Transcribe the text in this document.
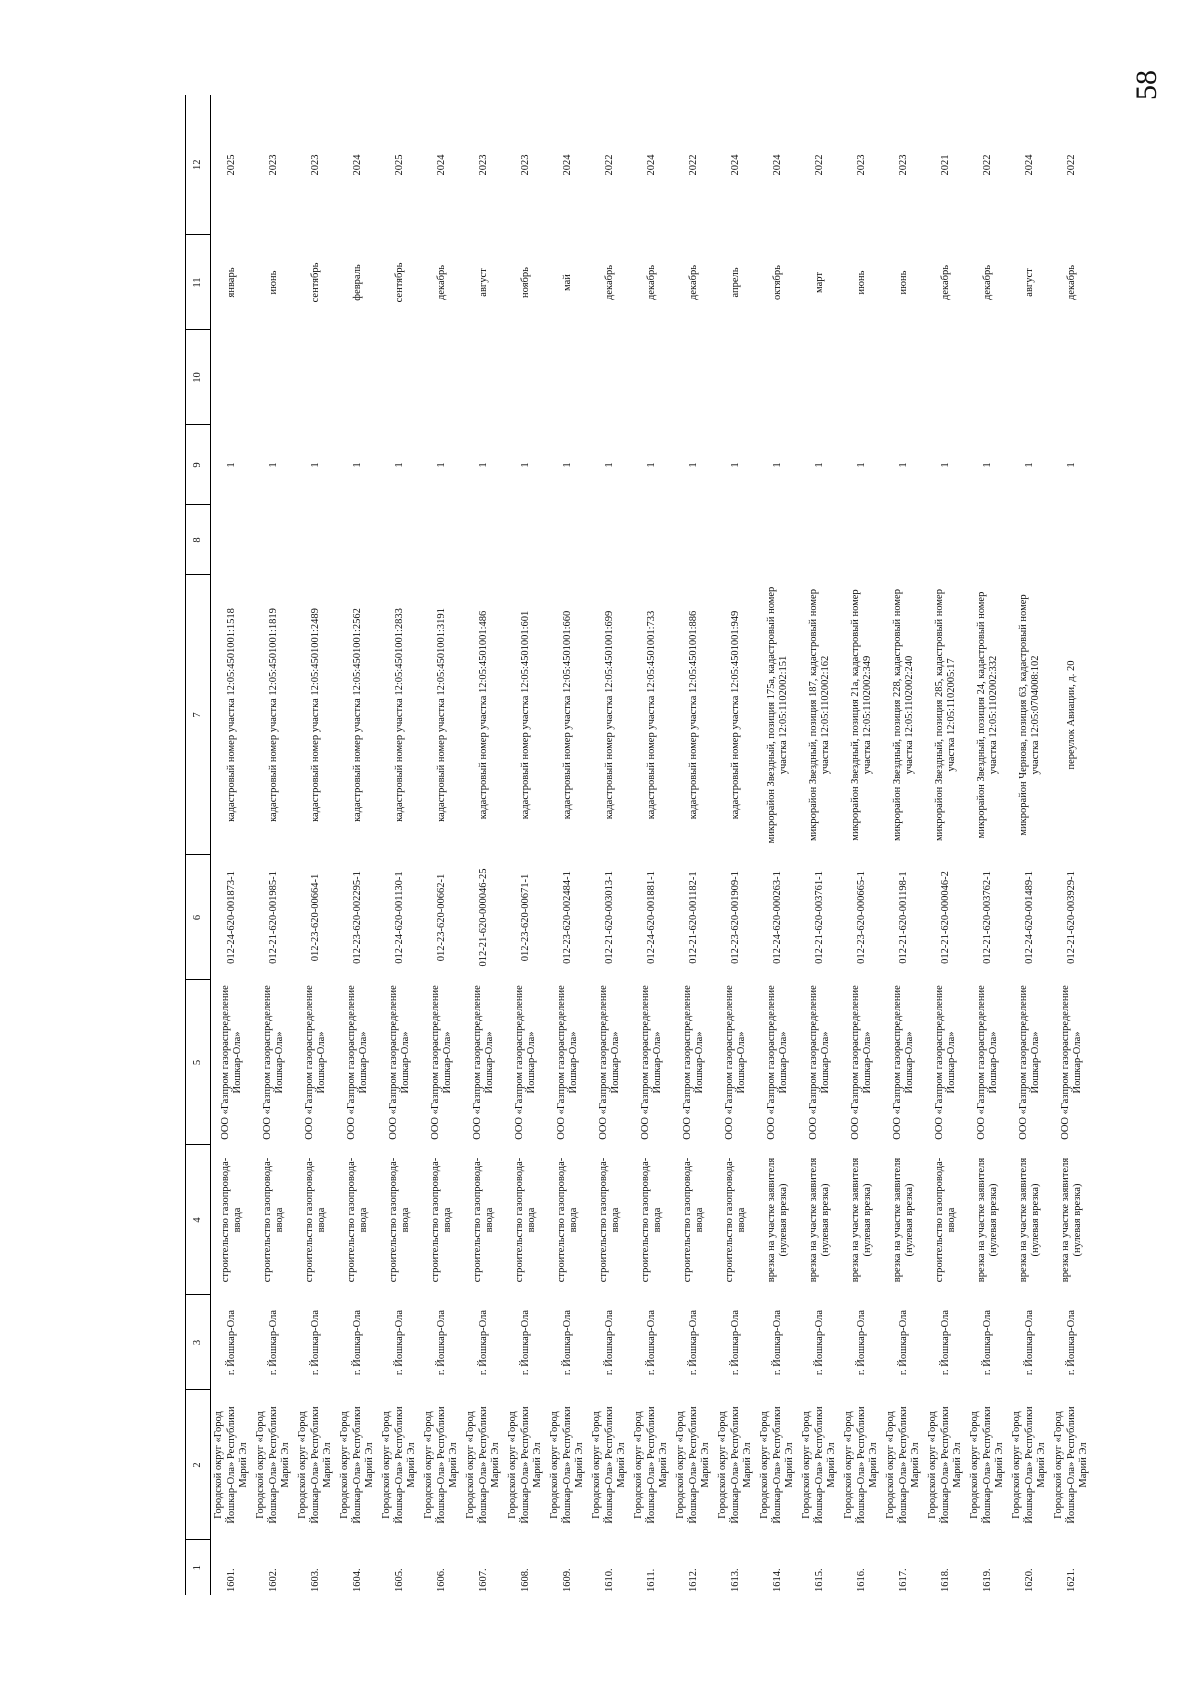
58
1	2	3	4	5	6	7	8	9	10	11	12
1601.	Городской округ «Город Йошкар-Ола» Республики Марий Эл	г. Йошкар-Ола	строительство газопровода-ввода	ООО «Газпром газораспределение Йошкар-Ола»	012-24-620-001873-1	кадастровый номер участка 12:05:4501001:1518		1		январь	2025
1602.	Городской округ «Город Йошкар-Ола» Республики Марий Эл	г. Йошкар-Ола	строительство газопровода-ввода	ООО «Газпром газораспределение Йошкар-Ола»	012-21-620-001985-1	кадастровый номер участка 12:05:4501001:1819		1		июнь	2023
1603.	Городской округ «Город Йошкар-Ола» Республики Марий Эл	г. Йошкар-Ола	строительство газопровода-ввода	ООО «Газпром газораспределение Йошкар-Ола»	012-23-620-00664-1	кадастровый номер участка 12:05:4501001:2489		1		сентябрь	2023
1604.	Городской округ «Город Йошкар-Ола» Республики Марий Эл	г. Йошкар-Ола	строительство газопровода-ввода	ООО «Газпром газораспределение Йошкар-Ола»	012-23-620-002295-1	кадастровый номер участка 12:05:4501001:2562		1		февраль	2024
1605.	Городской округ «Город Йошкар-Ола» Республики Марий Эл	г. Йошкар-Ола	строительство газопровода-ввода	ООО «Газпром газораспределение Йошкар-Ола»	012-24-620-001130-1	кадастровый номер участка 12:05:4501001:2833		1		сентябрь	2025
1606.	Городской округ «Город Йошкар-Ола» Республики Марий Эл	г. Йошкар-Ола	строительство газопровода-ввода	ООО «Газпром газораспределение Йошкар-Ола»	012-23-620-00662-1	кадастровый номер участка 12:05:4501001:3191		1		декабрь	2024
1607.	Городской округ «Город Йошкар-Ола» Республики Марий Эл	г. Йошкар-Ола	строительство газопровода-ввода	ООО «Газпром газораспределение Йошкар-Ола»	012-21-620-000046-25	кадастровый номер участка 12:05:4501001:486		1		август	2023
1608.	Городской округ «Город Йошкар-Ола» Республики Марий Эл	г. Йошкар-Ола	строительство газопровода-ввода	ООО «Газпром газораспределение Йошкар-Ола»	012-23-620-00671-1	кадастровый номер участка 12:05:4501001:601		1		ноябрь	2023
1609.	Городской округ «Город Йошкар-Ола» Республики Марий Эл	г. Йошкар-Ола	строительство газопровода-ввода	ООО «Газпром газораспределение Йошкар-Ола»	012-23-620-002484-1	кадастровый номер участка 12:05:4501001:660		1		май	2024
1610.	Городской округ «Город Йошкар-Ола» Республики Марий Эл	г. Йошкар-Ола	строительство газопровода-ввода	ООО «Газпром газораспределение Йошкар-Ола»	012-21-620-003013-1	кадастровый номер участка 12:05:4501001:699		1		декабрь	2022
1611.	Городской округ «Город Йошкар-Ола» Республики Марий Эл	г. Йошкар-Ола	строительство газопровода-ввода	ООО «Газпром газораспределение Йошкар-Ола»	012-24-620-001881-1	кадастровый номер участка 12:05:4501001:733		1		декабрь	2024
1612.	Городской округ «Город Йошкар-Ола» Республики Марий Эл	г. Йошкар-Ола	строительство газопровода-ввода	ООО «Газпром газораспределение Йошкар-Ола»	012-21-620-001182-1	кадастровый номер участка 12:05:4501001:886		1		декабрь	2022
1613.	Городской округ «Город Йошкар-Ола» Республики Марий Эл	г. Йошкар-Ола	строительство газопровода-ввода	ООО «Газпром газораспределение Йошкар-Ола»	012-23-620-001909-1	кадастровый номер участка 12:05:4501001:949		1		апрель	2024
1614.	Городской округ «Город Йошкар-Ола» Республики Марий Эл	г. Йошкар-Ола	врезка на участке заявителя (нулевая врезка)	ООО «Газпром газораспределение Йошкар-Ола»	012-24-620-000263-1	микрорайон Звездный, позиция 175а, кадастровый номер участка 12:05:1102002:151		1		октябрь	2024
1615.	Городской округ «Город Йошкар-Ола» Республики Марий Эл	г. Йошкар-Ола	врезка на участке заявителя (нулевая врезка)	ООО «Газпром газораспределение Йошкар-Ола»	012-21-620-003761-1	микрорайон Звездный, позиция 187, кадастровый номер участка 12:05:1102002:162		1		март	2022
1616.	Городской округ «Город Йошкар-Ола» Республики Марий Эл	г. Йошкар-Ола	врезка на участке заявителя (нулевая врезка)	ООО «Газпром газораспределение Йошкар-Ола»	012-23-620-000665-1	микрорайон Звездный, позиция 21а, кадастровый номер участка 12:05:1102002:349		1		июнь	2023
1617.	Городской округ «Город Йошкар-Ола» Республики Марий Эл	г. Йошкар-Ола	врезка на участке заявителя (нулевая врезка)	ООО «Газпром газораспределение Йошкар-Ола»	012-21-620-001198-1	микрорайон Звездный, позиция 228, кадастровый номер участка 12:05:1102002:240		1		июнь	2023
1618.	Городской округ «Город Йошкар-Ола» Республики Марий Эл	г. Йошкар-Ола	строительство газопровода-ввода	ООО «Газпром газораспределение Йошкар-Ола»	012-21-620-000046-2	микрорайон Звездный, позиция 285, кадастровый номер участка 12:05:1102005:17		1		декабрь	2021
1619.	Городской округ «Город Йошкар-Ола» Республики Марий Эл	г. Йошкар-Ола	врезка на участке заявителя (нулевая врезка)	ООО «Газпром газораспределение Йошкар-Ола»	012-21-620-003762-1	микрорайон Звездный, позиция 24, кадастровый номер участка 12:05:1102002:332		1		декабрь	2022
1620.	Городской округ «Город Йошкар-Ола» Республики Марий Эл	г. Йошкар-Ола	врезка на участке заявителя (нулевая врезка)	ООО «Газпром газораспределение Йошкар-Ола»	012-24-620-001489-1	микрорайон Чернова, позиция 63, кадастровый номер участка 12:05:0704008:102		1		август	2024
1621.	Городской округ «Город Йошкар-Ола» Республики Марий Эл	г. Йошкар-Ола	врезка на участке заявителя (нулевая врезка)	ООО «Газпром газораспределение Йошкар-Ола»	012-21-620-003929-1	переулок Авиации, д. 20		1		декабрь	2022
